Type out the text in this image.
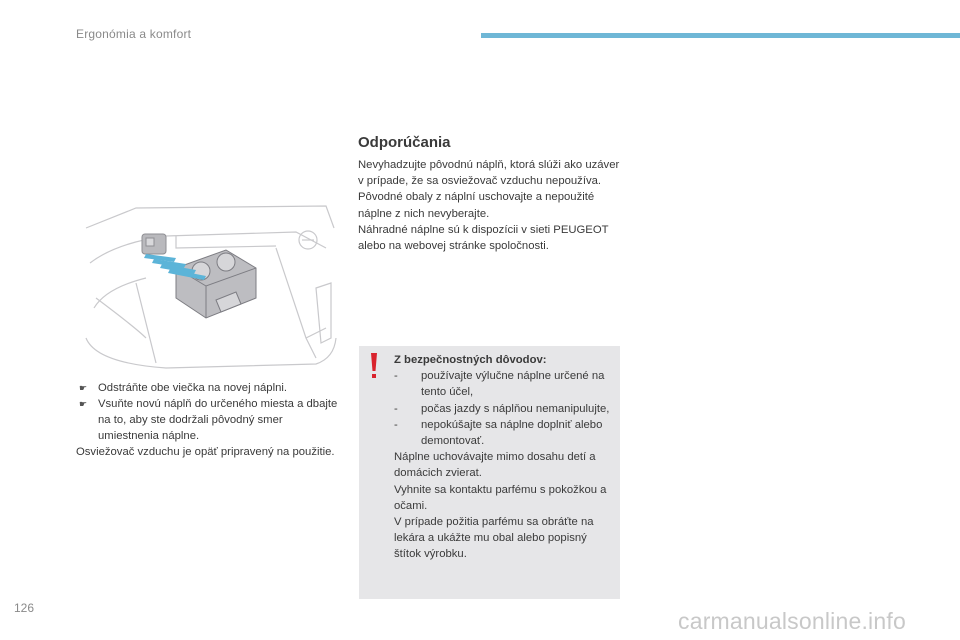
Ergonómia a komfort
☛ Odstráňte obe viečka na novej náplni.
☛ Vsuňte novú náplň do určeného miesta a dbajte na to, aby ste dodržali pôvodný smer umiestnenia náplne.

Osviežovač vzduchu je opäť pripravený na použitie.

Odporúčania

Nevyhadzujte pôvodnú náplň, ktorá slúži ako uzáver v prípade, že sa osviežovač vzduchu nepoužíva.

Pôvodné obaly z náplní uschovajte a nepoužité náplne z nich nevyberajte.

Náhradné náplne sú k dispozícii v sieti PEUGEOT alebo na webovej stránke spoločnosti.

Z bezpečnostných dôvodov:

- používajte výlučne náplne určené na tento účel,
- počas jazdy s náplňou nemanipulujte,
- nepokúšajte sa náplne doplniť alebo demontovať.

Náplne uchovávajte mimo dosahu detí a domácich zvierat.

Vyhnite sa kontaktu parfému s pokožkou a očami.

V prípade požitia parfému sa obráťte na lekára a ukážte mu obal alebo popisný štítok výrobku.

126	carmanualsonline.info
